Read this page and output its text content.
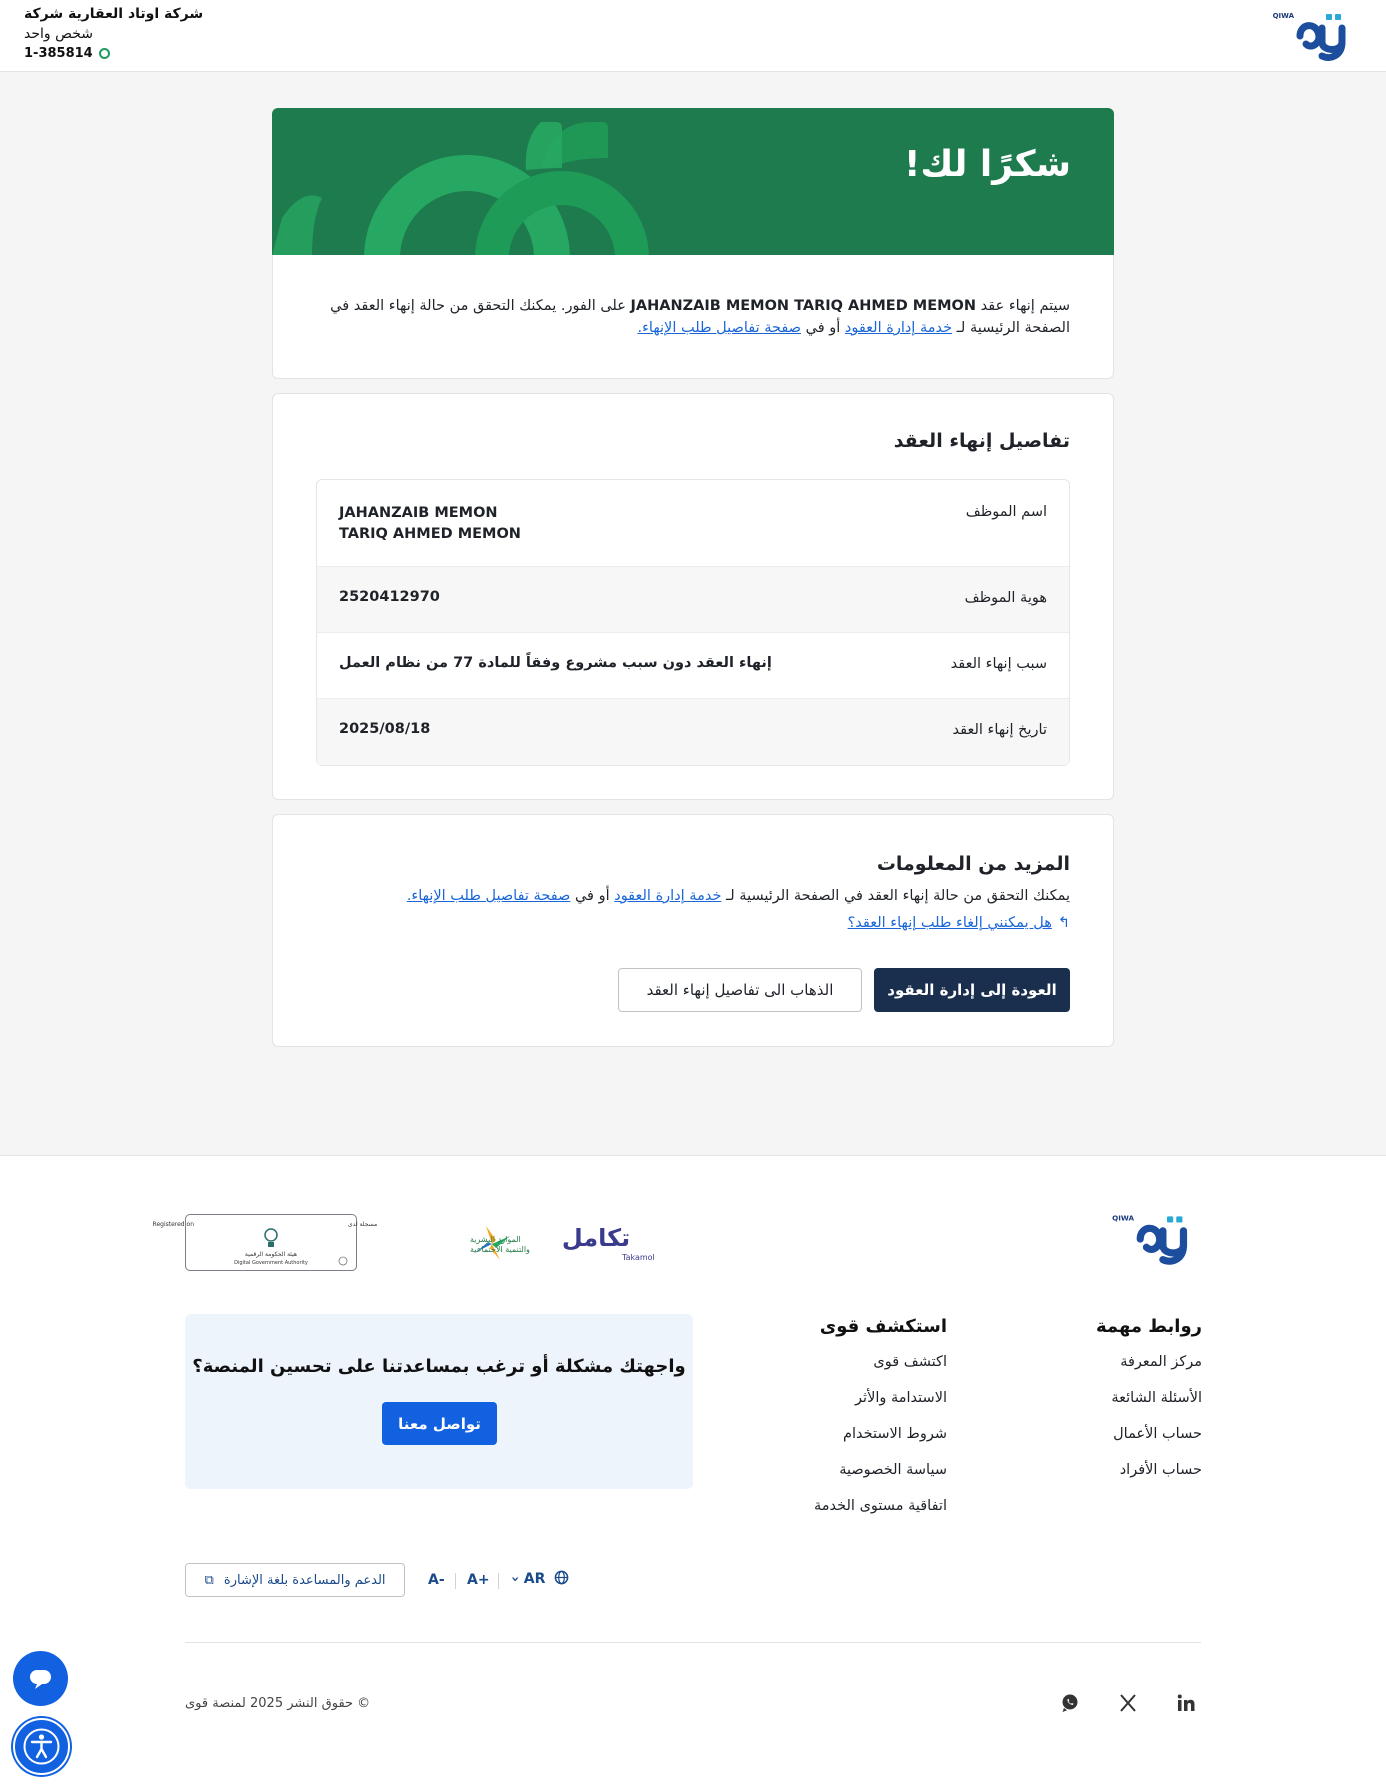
QIWA
شركة اوتاد العقارية شركة
شخص واحد
1-385814
شكرًا لك!

سيتم إنهاء عقد JAHANZAIB MEMON TARIQ AHMED MEMON على الفور. يمكنك التحقق من حالة إنهاء العقد في الصفحة الرئيسية لـ خدمة إدارة العقود أو في صفحة تفاصيل طلب الإنهاء.

تفاصيل إنهاء العقد
اسم الموظف
JAHANZAIB MEMON
TARIQ AHMED MEMON
هوية الموظف
2520412970
سبب إنهاء العقد
إنهاء العقد دون سبب مشروع وفقاً للمادة 77 من نظام العمل
تاريخ إنهاء العقد
2025/08/18
المزيد من المعلومات

يمكنك التحقق من حالة إنهاء العقد في الصفحة الرئيسية لـ خدمة إدارة العقود أو في صفحة تفاصيل طلب الإنهاء.

↰هل يمكنني إلغاء طلب إنهاء العقد؟
العودة إلى إدارة العقود
الذهاب الى تفاصيل إنهاء العقد
QIWA
تكامل
Takamol
الموارد البشرية
والتنمية الاجتماعية
Registered on	مسجلة لدى
هيئة الحكومة الرقمية
Digital Government Authority
روابط مهمة
مركز المعرفة
الأسئلة الشائعة
حساب الأعمال
حساب الأفراد
استكشف قوى
اكتشف قوى
الاستدامة والأثر
شروط الاستخدام
سياسة الخصوصية
اتفاقية مستوى الخدمة
واجهتك مشكلة أو ترغب بمساعدتنا على تحسين المنصة؟
تواصل معنا
›AR
+A
-A
الدعم والمساعدة بلغة الإشارة ⧉
© حقوق النشر 2025 لمنصة قوى
